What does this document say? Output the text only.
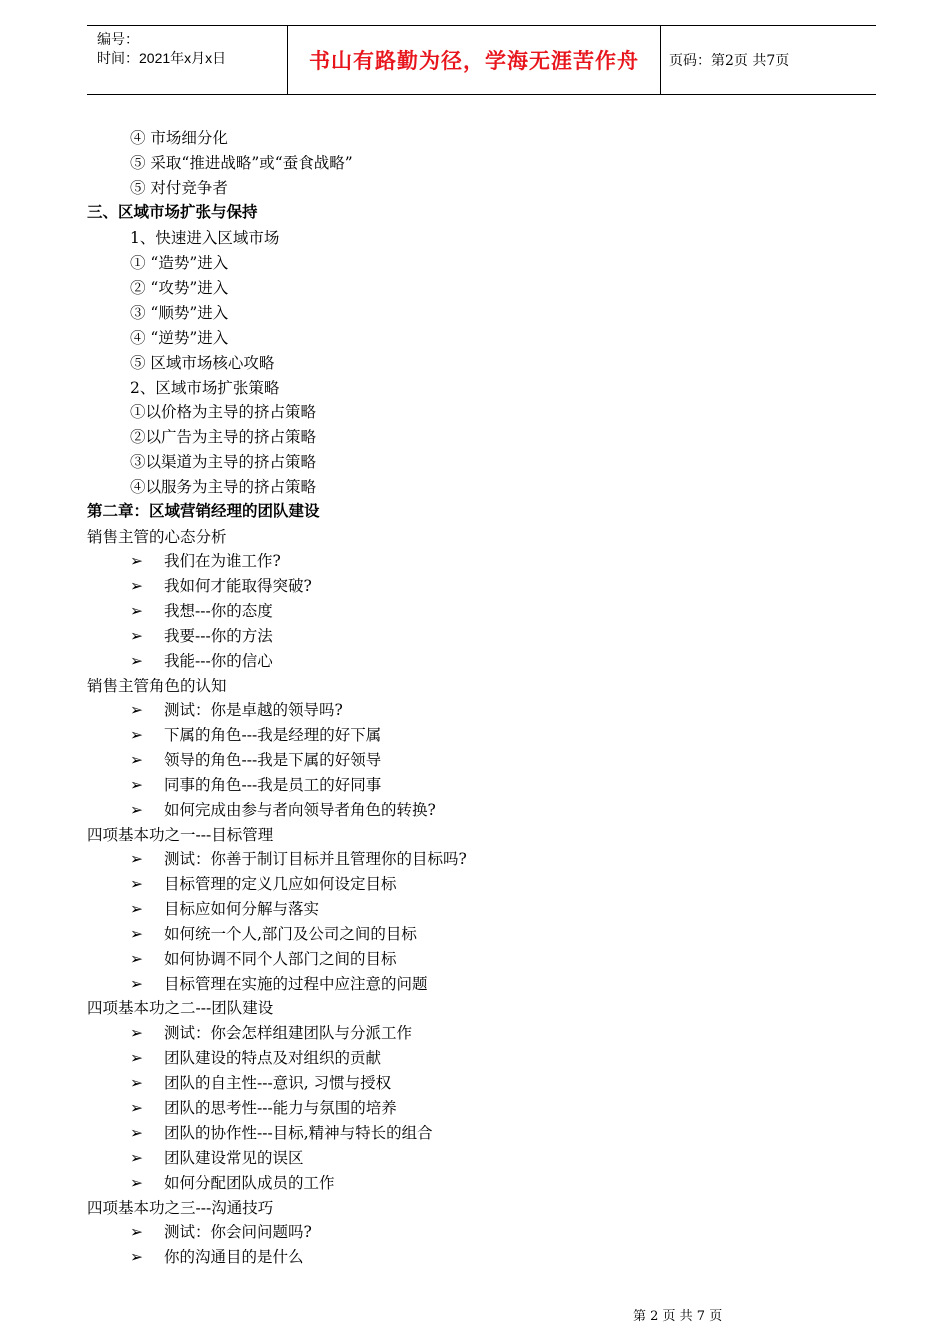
编号：
时间：2021年x月x日	书山有路勤为径，学海无涯苦作舟	页码：第2页 共7页
④ 市场细分化
⑤ 采取“推进战略”或“蚕食战略”
⑤ 对付竞争者
三、区域市场扩张与保持
1、快速进入区域市场
① “造势”进入
② “攻势”进入
③ “顺势”进入
④ “逆势”进入
⑤ 区域市场核心攻略
2、区域市场扩张策略
①以价格为主导的挤占策略
②以广告为主导的挤占策略
③以渠道为主导的挤占策略
④以服务为主导的挤占策略
第二章：区域营销经理的团队建设
销售主管的心态分析
➢ 我们在为谁工作?
➢ 我如何才能取得突破?
➢ 我想---你的态度
➢ 我要---你的方法
➢ 我能---你的信心
销售主管角色的认知
➢ 测试：你是卓越的领导吗?
➢ 下属的角色---我是经理的好下属
➢ 领导的角色---我是下属的好领导
➢ 同事的角色---我是员工的好同事
➢ 如何完成由参与者向领导者角色的转换?
四项基本功之一---目标管理
➢ 测试：你善于制订目标并且管理你的目标吗?
➢ 目标管理的定义几应如何设定目标
➢ 目标应如何分解与落实
➢ 如何统一个人,部门及公司之间的目标
➢ 如何协调不同个人部门之间的目标
➢ 目标管理在实施的过程中应注意的问题
四项基本功之二---团队建设
➢ 测试：你会怎样组建团队与分派工作
➢ 团队建设的特点及对组织的贡献
➢ 团队的自主性---意识, 习惯与授权
➢ 团队的思考性---能力与氛围的培养
➢ 团队的协作性---目标,精神与特长的组合
➢ 团队建设常见的误区
➢ 如何分配团队成员的工作
四项基本功之三---沟通技巧
➢ 测试：你会问问题吗?
➢ 你的沟通目的是什么
第 2 页 共 7 页
